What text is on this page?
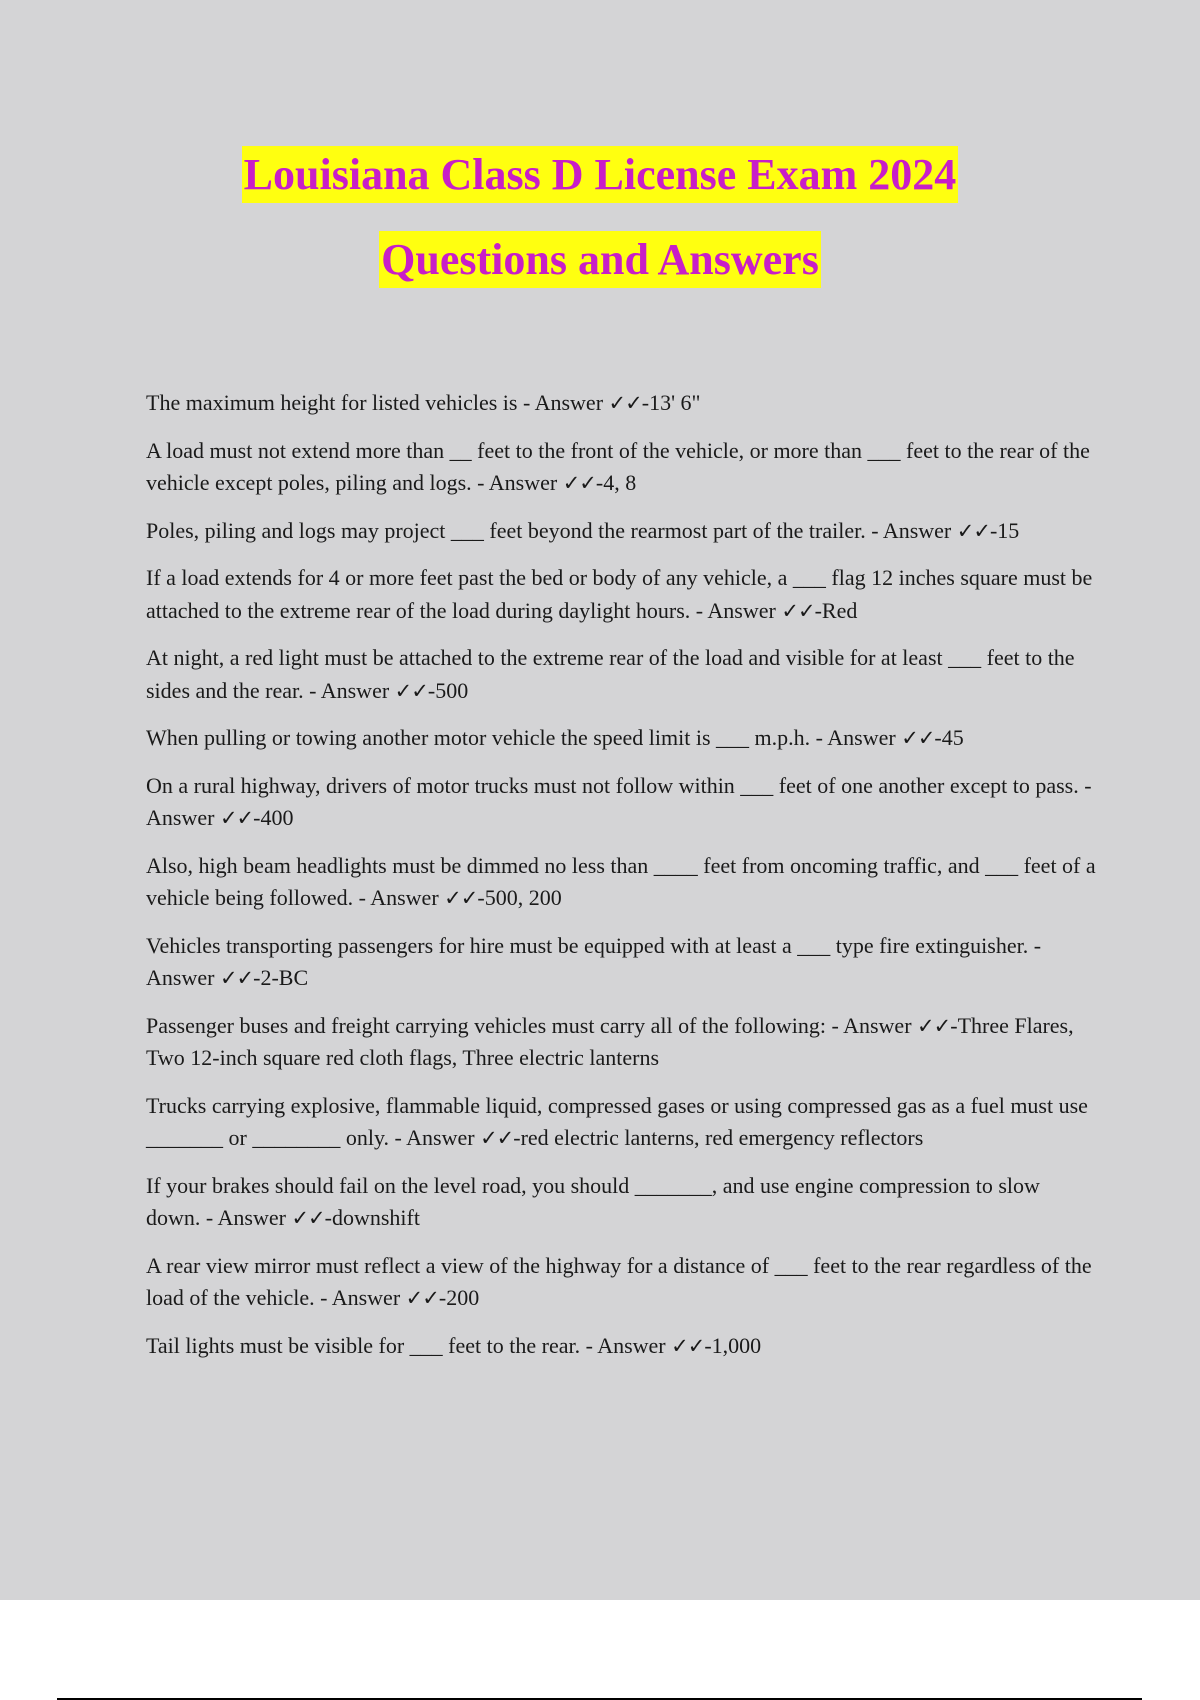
Louisiana Class D License Exam 2024
Questions and Answers

The maximum height for listed vehicles is - Answer ✓✓-13' 6"

A load must not extend more than __ feet to the front of the vehicle, or more than ___ feet to the rear of the vehicle except poles, piling and logs. - Answer ✓✓-4, 8

Poles, piling and logs may project ___ feet beyond the rearmost part of the trailer. - Answer ✓✓-15

If a load extends for 4 or more feet past the bed or body of any vehicle, a ___ flag 12 inches square must be attached to the extreme rear of the load during daylight hours. - Answer ✓✓-Red

At night, a red light must be attached to the extreme rear of the load and visible for at least ___ feet to the sides and the rear. - Answer ✓✓-500

When pulling or towing another motor vehicle the speed limit is ___ m.p.h. - Answer ✓✓-45

On a rural highway, drivers of motor trucks must not follow within ___ feet of one another except to pass. - Answer ✓✓-400

Also, high beam headlights must be dimmed no less than ____ feet from oncoming traffic, and ___ feet of a vehicle being followed. - Answer ✓✓-500, 200

Vehicles transporting passengers for hire must be equipped with at least a ___ type fire extinguisher. - Answer ✓✓-2-BC

Passenger buses and freight carrying vehicles must carry all of the following: - Answer ✓✓-Three Flares, Two 12-inch square red cloth flags, Three electric lanterns

Trucks carrying explosive, flammable liquid, compressed gases or using compressed gas as a fuel must use _______ or ________ only. - Answer ✓✓-red electric lanterns, red emergency reflectors

If your brakes should fail on the level road, you should _______, and use engine compression to slow down. - Answer ✓✓-downshift

A rear view mirror must reflect a view of the highway for a distance of ___ feet to the rear regardless of the load of the vehicle. - Answer ✓✓-200

Tail lights must be visible for ___ feet to the rear. - Answer ✓✓-1,000
